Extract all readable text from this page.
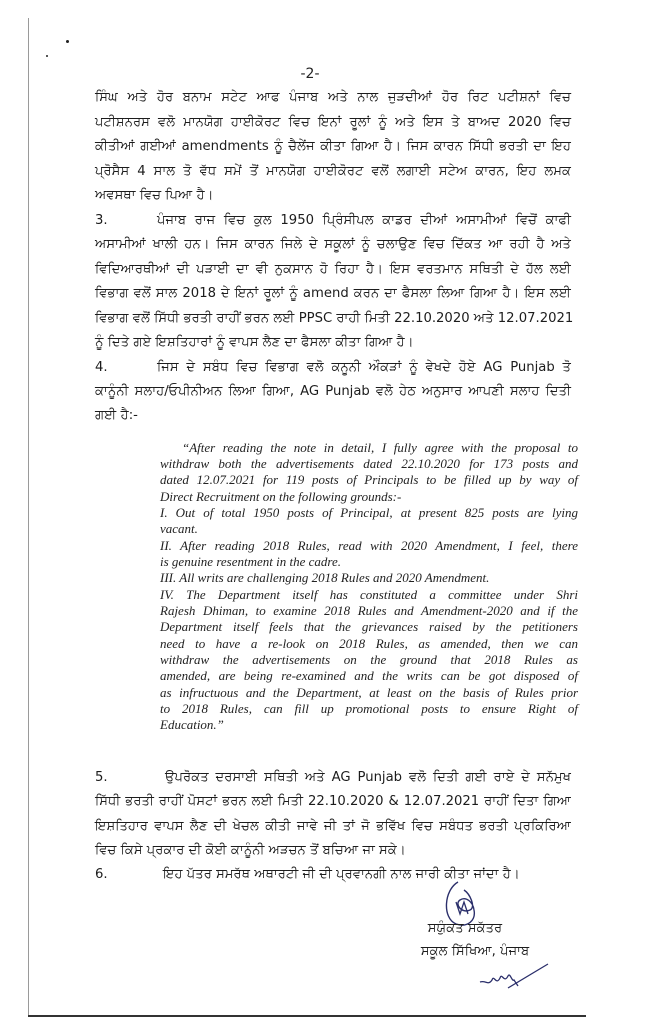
-2-
ਸਿੰਘ ਅਤੇ ਹੋਰ ਬਨਾਮ ਸਟੇਟ ਆਫ ਪੰਜਾਬ ਅਤੇ ਨਾਲ ਜੁੜਦੀਆਂ ਹੋਰ ਰਿਟ ਪਟੀਸ਼ਨਾਂ ਵਿਚ
ਪਟੀਸ਼ਨਰਸ ਵਲੋ ਮਾਨਯੋਗ ਹਾਈਕੋਰਟ ਵਿਚ ਇਨਾਂ ਰੂਲਾਂ ਨੂੰ ਅਤੇ ਇਸ ਤੇ ਬਾਅਦ 2020 ਵਿਚ
ਕੀਤੀਆਂ ਗਈਆਂ amendments ਨੂੰ ਚੈਲੇਂਜ ਕੀਤਾ ਗਿਆ ਹੈ। ਜਿਸ ਕਾਰਨ ਸਿੱਧੀ ਭਰਤੀ ਦਾ ਇਹ
ਪ੍ਰੋਸੈਸ 4 ਸਾਲ ਤੋ ਵੱਧ ਸਮੇਂ ਤੋਂ ਮਾਨਯੋਗ ਹਾਈਕੋਰਟ ਵਲੋਂ ਲਗਾਈ ਸਟੇਅ ਕਾਰਨ, ਇਹ ਲਮਕ
ਅਵਸਥਾ ਵਿਚ ਪਿਆ ਹੈ।
3.	ਪੰਜਾਬ ਰਾਜ ਵਿਚ ਕੁਲ 1950 ਪ੍ਰਿੰਸੀਪਲ ਕਾਡਰ ਦੀਆਂ ਅਸਾਮੀਆਂ ਵਿਚੋਂ ਕਾਫੀ
ਅਸਾਮੀਆਂ ਖਾਲੀ ਹਨ। ਜਿਸ ਕਾਰਨ ਜਿਲੇ ਦੇ ਸਕੂਲਾਂ ਨੂੰ ਚਲਾਉਣ ਵਿਚ ਦਿੱਕਤ ਆ ਰਹੀ ਹੈ ਅਤੇ
ਵਿਦਿਆਰਥੀਆਂ ਦੀ ਪੜਾਈ ਦਾ ਵੀ ਨੁਕਸਾਨ ਹੋ ਰਿਹਾ ਹੈ। ਇਸ ਵਰਤਮਾਨ ਸਥਿਤੀ ਦੇ ਹੱਲ ਲਈ
ਵਿਭਾਗ ਵਲੋਂ ਸਾਲ 2018 ਦੇ ਇਨਾਂ ਰੂਲਾਂ ਨੂੰ amend ਕਰਨ ਦਾ ਫੈਸਲਾ ਲਿਆ ਗਿਆ ਹੈ। ਇਸ ਲਈ
ਵਿਭਾਗ ਵਲੋਂ ਸਿੱਧੀ ਭਰਤੀ ਰਾਹੀਂ ਭਰਨ ਲਈ PPSC ਰਾਹੀ ਮਿਤੀ 22.10.2020 ਅਤੇ 12.07.2021
ਨੂੰ ਦਿਤੇ ਗਏ ਇਸ਼ਤਿਹਾਰਾਂ ਨੂੰ ਵਾਪਸ ਲੈਣ ਦਾ ਫੈਸਲਾ ਕੀਤਾ ਗਿਆ ਹੈ।
4.	ਜਿਸ ਦੇ ਸਬੰਧ ਵਿਚ ਵਿਭਾਗ ਵਲੋ ਕਨੂਨੀ ਔਕੜਾਂ ਨੂੰ ਵੇਖਦੇ ਹੋਏ AG Punjab ਤੋ
ਕਾਨੂੰਨੀ ਸਲਾਹ/ਓਪੀਨੀਅਨ ਲਿਆ ਗਿਆ, AG Punjab ਵਲੋ ਹੇਠ ਅਨੁਸਾਰ ਆਪਣੀ ਸਲਾਹ ਦਿਤੀ
ਗਈ ਹੈ:-
“After reading the note in detail, I fully agree with the proposal to
withdraw both the advertisements dated 22.10.2020 for 173 posts and
dated 12.07.2021 for 119 posts of Principals to be filled up by way of
Direct Recruitment on the following grounds:-
I. Out of total 1950 posts of Principal, at present 825 posts are lying
vacant.
II. After reading 2018 Rules, read with 2020 Amendment, I feel, there
is genuine resentment in the cadre.
III. All writs are challenging 2018 Rules and 2020 Amendment.
IV. The Department itself has constituted a committee under Shri
Rajesh Dhiman, to examine 2018 Rules and Amendment-2020 and if the
Department itself feels that the grievances raised by the petitioners
need to have a re-look on 2018 Rules, as amended, then we can
withdraw the advertisements on the ground that 2018 Rules as
amended, are being re-examined and the writs can be got disposed of
as infructuous and the Department, at least on the basis of Rules prior
to 2018 Rules, can fill up promotional posts to ensure Right of
Education.”
5.	ਉਪਰੋਕਤ ਦਰਸਾਈ ਸਥਿਤੀ ਅਤੇ AG Punjab ਵਲੋ ਦਿਤੀ ਗਈ ਰਾਏ ਦੇ ਸਨੱਮੁਖ
ਸਿੱਧੀ ਭਰਤੀ ਰਾਹੀਂ ਪੋਸਟਾਂ ਭਰਨ ਲਈ ਮਿਤੀ 22.10.2020 & 12.07.2021 ਰਾਹੀਂ ਦਿਤਾ ਗਿਆ
ਇਸ਼ਤਿਹਾਰ ਵਾਪਸ ਲੈਣ ਦੀ ਖੇਚਲ ਕੀਤੀ ਜਾਵੇ ਜੀ ਤਾਂ ਜੋ ਭਵਿੱਖ ਵਿਚ ਸਬੰਧਤ ਭਰਤੀ ਪ੍ਰਕਿਰਿਆ
ਵਿਚ ਕਿਸੇ ਪ੍ਰਕਾਰ ਦੀ ਕੋਈ ਕਾਨੂੰਨੀ ਅੜਚਨ ਤੋਂ ਬਚਿਆ ਜਾ ਸਕੇ।
6.	ਇਹ ਪੱਤਰ ਸਮਰੱਥ ਅਥਾਰਟੀ ਜੀ ਦੀ ਪ੍ਰਵਾਨਗੀ ਨਾਲ ਜਾਰੀ ਕੀਤਾ ਜਾਂਦਾ ਹੈ।
ਸਯੁੰਕਤ ਸਕੱਤਰ
ਸਕੂਲ ਸਿੱਖਿਆ, ਪੰਜਾਬ
